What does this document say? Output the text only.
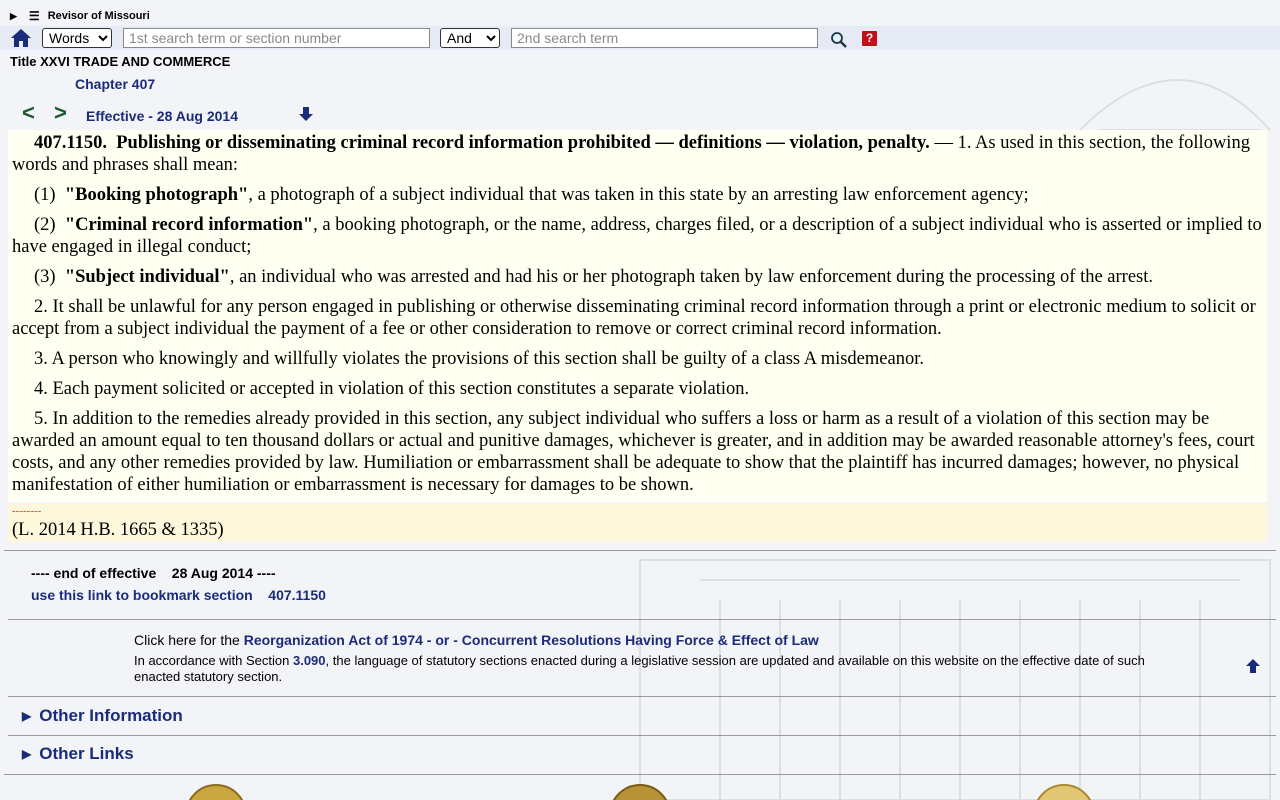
▶ ☰ Revisor of Missouri
Words
1st search term or section number
And
2nd search term
?
Title XXVI TRADE AND COMMERCE
Chapter 407
< > Effective - 28 Aug 2014

407.1150. Publishing or disseminating criminal record information prohibited — definitions — violation, penalty. — 1. As used in this section, the following words and phrases shall mean:

(1) "Booking photograph", a photograph of a subject individual that was taken in this state by an arresting law enforcement agency;

(2) "Criminal record information", a booking photograph, or the name, address, charges filed, or a description of a subject individual who is asserted or implied to have engaged in illegal conduct;

(3) "Subject individual", an individual who was arrested and had his or her photograph taken by law enforcement during the processing of the arrest.

2. It shall be unlawful for any person engaged in publishing or otherwise disseminating criminal record information through a print or electronic medium to solicit or accept from a subject individual the payment of a fee or other consideration to remove or correct criminal record information.

3. A person who knowingly and willfully violates the provisions of this section shall be guilty of a class A misdemeanor.

4. Each payment solicited or accepted in violation of this section constitutes a separate violation.

5. In addition to the remedies already provided in this section, any subject individual who suffers a loss or harm as a result of a violation of this section may be awarded an amount equal to ten thousand dollars or actual and punitive damages, whichever is greater, and in addition may be awarded reasonable attorney's fees, court costs, and any other remedies provided by law. Humiliation or embarrassment shall be adequate to show that the plaintiff has incurred damages; however, no physical manifestation of either humiliation or embarrassment is necessary for damages to be shown.

--------
(L. 2014 H.B. 1665 & 1335)
---- end of effective 28 Aug 2014 ----
use this link to bookmark section 407.1150
Click here for the Reorganization Act of 1974 - or - Concurrent Resolutions Having Force & Effect of Law
In accordance with Section 3.090, the language of statutory sections enacted during a legislative session are updated and available on this website on the effective date of such enacted statutory section.
▶ Other Information
▶ Other Links
